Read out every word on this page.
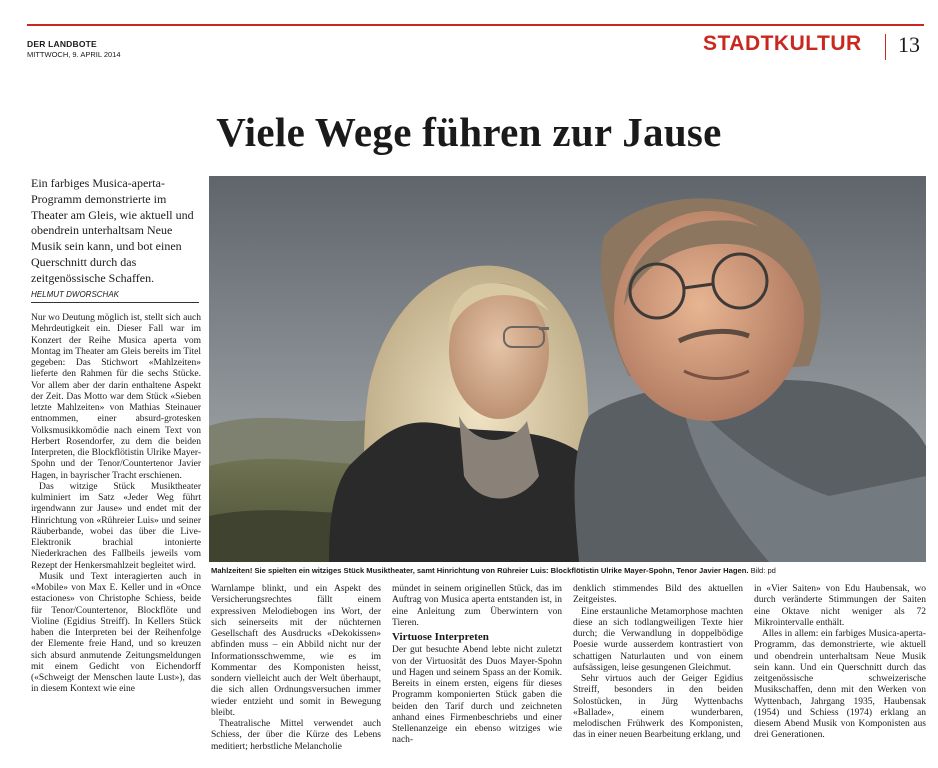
DER LANDBOTE
MITTWOCH, 9. APRIL 2014	STADTKULTUR 13
Viele Wege führen zur Jause
Ein farbiges Musica-aperta-Programm demonstrierte im Theater am Gleis, wie aktuell und obendrein unterhaltsam Neue Musik sein kann, und bot einen Querschnitt durch das zeitgenössische Schaffen.
HELMUT DWORSCHAK

Nur wo Deutung möglich ist, stellt sich auch Mehrdeutigkeit ein. Dieser Fall war im Konzert der Reihe Musica aperta vom Montag im Theater am Gleis bereits im Titel gegeben: Das Stichwort «Mahlzeiten» lieferte den Rahmen für die sechs Stücke. Vor allem aber der darin enthaltene Aspekt der Zeit. Das Motto war dem Stück «Sieben letzte Mahlzeiten» von Mathias Steinauer entnommen, einer absurd-grotesken Volksmusikkomödie nach einem Text von Herbert Rosendorfer, zu dem die beiden Interpreten, die Blockflötistin Ulrike Mayer-Spohn und der Tenor/Countertenor Javier Hagen, in bayrischer Tracht erschienen.

Das witzige Stück Musiktheater kulminiert im Satz «Jeder Weg führt irgendwann zur Jause» und endet mit der Hinrichtung von «Rühreier Luis» und seiner Räuberbande, wobei das über die Live-Elektronik brachial intonierte Niederkrachen des Fallbeils jeweils vom Rezept der Henkersmahlzeit begleitet wird.

Musik und Text interagierten auch in «Mobile» von Max E. Keller und in «Once estaciones» von Christophe Schiess, beide für Tenor/Countertenor, Blockflöte und Violine (Egidius Streiff). In Kellers Stück haben die Interpreten bei der Reihenfolge der Elemente freie Hand, und so kreuzen sich absurd anmutende Zeitungsmeldungen mit einem Gedicht von Eichendorff («Schweigt der Menschen laute Lust»), das in diesem Kontext wie eine

Mahlzeiten! Sie spielten ein witziges Stück Musiktheater, samt Hinrichtung von Rühreier Luis: Blockflötistin Ulrike Mayer-Spohn, Tenor Javier Hagen. Bild: pd

Warnlampe blinkt, und ein Aspekt des Versicherungsrechtes fällt einem expressiven Melodiebogen ins Wort, der sich seinerseits mit der nüchternen Gesellschaft des Ausdrucks «Dekokissen» abfinden muss – ein Abbild nicht nur der Informationsschwemme, wie es im Kommentar des Komponisten heisst, sondern vielleicht auch der Welt überhaupt, die sich allen Ordnungsversuchen immer wieder entzieht und somit in Bewegung bleibt.

Theatralische Mittel verwendet auch Schiess, der über die Kürze des Lebens meditiert; herbstliche Melancholie

mündet in seinem originellen Stück, das im Auftrag von Musica aperta entstanden ist, in eine Anleitung zum Überwintern von Tieren.

Virtuose Interpreten

Der gut besuchte Abend lebte nicht zuletzt von der Virtuosität des Duos Mayer-Spohn und Hagen und seinem Spass an der Komik. Bereits in einem ersten, eigens für dieses Programm komponierten Stück gaben die beiden den Tarif durch und zeichneten anhand eines Firmenbeschriebs und einer Stellenanzeige ein ebenso witziges wie nach-

denklich stimmendes Bild des aktuellen Zeitgeistes.

Eine erstaunliche Metamorphose machten diese an sich todlangweiligen Texte hier durch; die Verwandlung in doppelbödige Poesie wurde ausserdem kontrastiert von schattigen Naturlauten und von einem aufsässigen, leise gesungenen Gleichmut.

Sehr virtuos auch der Geiger Egidius Streiff, besonders in den beiden Solostücken, in Jürg Wyttenbachs «Ballade», einem wunderbaren, melodischen Frühwerk des Komponisten, das in einer neuen Bearbeitung erklang, und

in «Vier Saiten» von Edu Haubensak, wo durch veränderte Stimmungen der Saiten eine Oktave nicht weniger als 72 Mikrointervalle enthält.

Alles in allem: ein farbiges Musica-aperta-Programm, das demonstrierte, wie aktuell und obendrein unterhaltsam Neue Musik sein kann. Und ein Querschnitt durch das zeitgenössische schweizerische Musikschaffen, denn mit den Werken von Wyttenbach, Jahrgang 1935, Haubensak (1954) und Schiess (1974) erklang an diesem Abend Musik von Komponisten aus drei Generationen.
